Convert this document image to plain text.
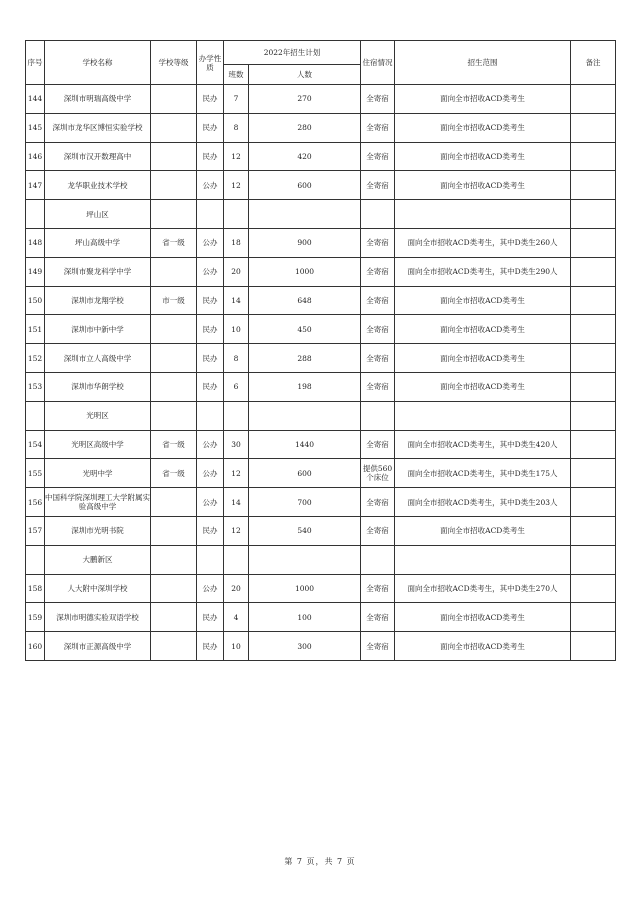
序号	学校名称	学校等级	办学性质	2022年招生计划		住宿情况	招生范围	备注
				班数	人数			
144	深圳市明瑞高级中学		民办	7	270	全寄宿	面向全市招收ACD类考生	
145	深圳市龙华区博恒实验学校		民办	8	280	全寄宿	面向全市招收ACD类考生	
146	深圳市汉开数理高中		民办	12	420	全寄宿	面向全市招收ACD类考生	
147	龙华职业技术学校		公办	12	600	全寄宿	面向全市招收ACD类考生	
	坪山区							
148	坪山高级中学	省一级	公办	18	900	全寄宿	面向全市招收ACD类考生，其中D类生260人	
149	深圳市聚龙科学中学		公办	20	1000	全寄宿	面向全市招收ACD类考生，其中D类生290人	
150	深圳市龙翔学校	市一级	民办	14	648	全寄宿	面向全市招收ACD类考生	
151	深圳市中新中学		民办	10	450	全寄宿	面向全市招收ACD类考生	
152	深圳市立人高级中学		民办	8	288	全寄宿	面向全市招收ACD类考生	
153	深圳市华朗学校		民办	6	198	全寄宿	面向全市招收ACD类考生	
	光明区							
154	光明区高级中学	省一级	公办	30	1440	全寄宿	面向全市招收ACD类考生，其中D类生420人	
155	光明中学	省一级	公办	12	600	提供560个床位	面向全市招收ACD类考生，其中D类生175人	
156	中国科学院深圳理工大学附属实验高级中学		公办	14	700	全寄宿	面向全市招收ACD类考生，其中D类生203人	
157	深圳市光明书院		民办	12	540	全寄宿	面向全市招收ACD类考生	
	大鹏新区							
158	人大附中深圳学校		公办	20	1000	全寄宿	面向全市招收ACD类考生，其中D类生270人	
159	深圳市明德实验双语学校		民办	4	100	全寄宿	面向全市招收ACD类考生	
160	深圳市正源高级中学		民办	10	300	全寄宿	面向全市招收ACD类考生	
第 7 页，共 7 页
